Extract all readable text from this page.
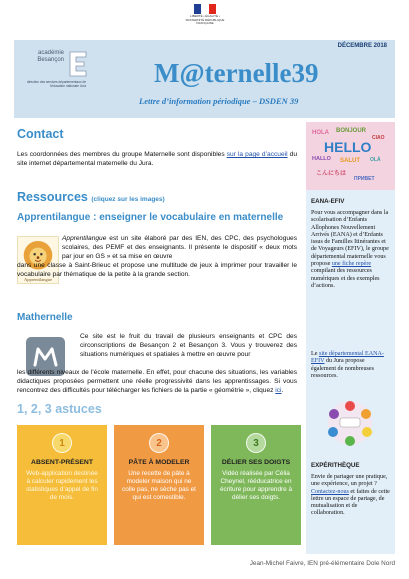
LIBERTÉ • ÉGALITÉ • FRATERNITÉ RÉPUBLIQUE FRANÇAISE
DÉCEMBRE 2018
académie Besançon
direction des services départementaux de l'éducation nationale Jura	M@ternelle39
Lettre d’information périodique – DSDEN 39
Contact

Les coordonnées des membres du groupe Maternelle sont disponibles sur la page d’accueil du site internet départemental maternelle du Jura.

Ressources (cliquez sur les images)
Apprentilangue : enseigner le vocabulaire en maternelle
Apprentilangue

Apprentilangue est un site élaboré par des IEN, des CPC, des psychologues scolaires, des PEMF et des enseignants. Il présente le dispositif « deux mots par jour en GS » et sa mise en œuvre

dans une classe à Saint-Brieuc et propose une multitude de jeux à imprimer pour travailler le vocabulaire par thématique de la petite à la grande section.

Mathernelle

Ce site est le fruit du travail de plusieurs enseignants et CPC des circonscriptions de Besançon 2 et Besançon 3. Vous y trouverez des situations numériques et spatiales à mettre en œuvre pour

les différents niveaux de l'école maternelle. En effet, pour chacune des situations, les variables didactiques proposées permettent une réelle progressivité dans les apprentissages. Si vous rencontrez des difficultés pour télécharger les fichiers de la partie « géométrie », cliquez ici.

1, 2, 3 astuces
1
ABSENT-PRÉSENT
Web-application destinée à calculer rapidement les statistiques d’appel de fin de mois.
2
PÂTE À MODELER
Une recette de pâte à modeler maison qui ne colle pas, ne sèche pas et qui est comestible.
3
DÉLIER SES DOIGTS
Vidéo réalisée par Célia Cheynel, rééducatrice en écriture pour apprendre à délier ses doigts.
Jean-Michel Faivre, IEN pré-élémentaire Dole Nord
HOLA BONJOUR
CIAO
HELLO
HALLO SALUT OLÁ
こんにちは
ПРИВЕТ
EANA-EFIV
Pour vous accompagner dans la scolarisation d’Enfants Allophones Nouvellement Arrivés (EANA) et d’Enfants issus de Familles Itinérantes et de Voyageurs (EFIV), le groupe départemental maternelle vous propose une fiche repère compilant des ressources numériques et des exemples d’actions.
Le site départemental EANA-EFIV du Jura propose également de nombreuses ressources.
EXPÉRITHÈQUE
Envie de partager une pratique, une expérience, un projet ? Contactez-nous et faites de cette lettre un espace de partage, de mutualisation et de collaboration.
